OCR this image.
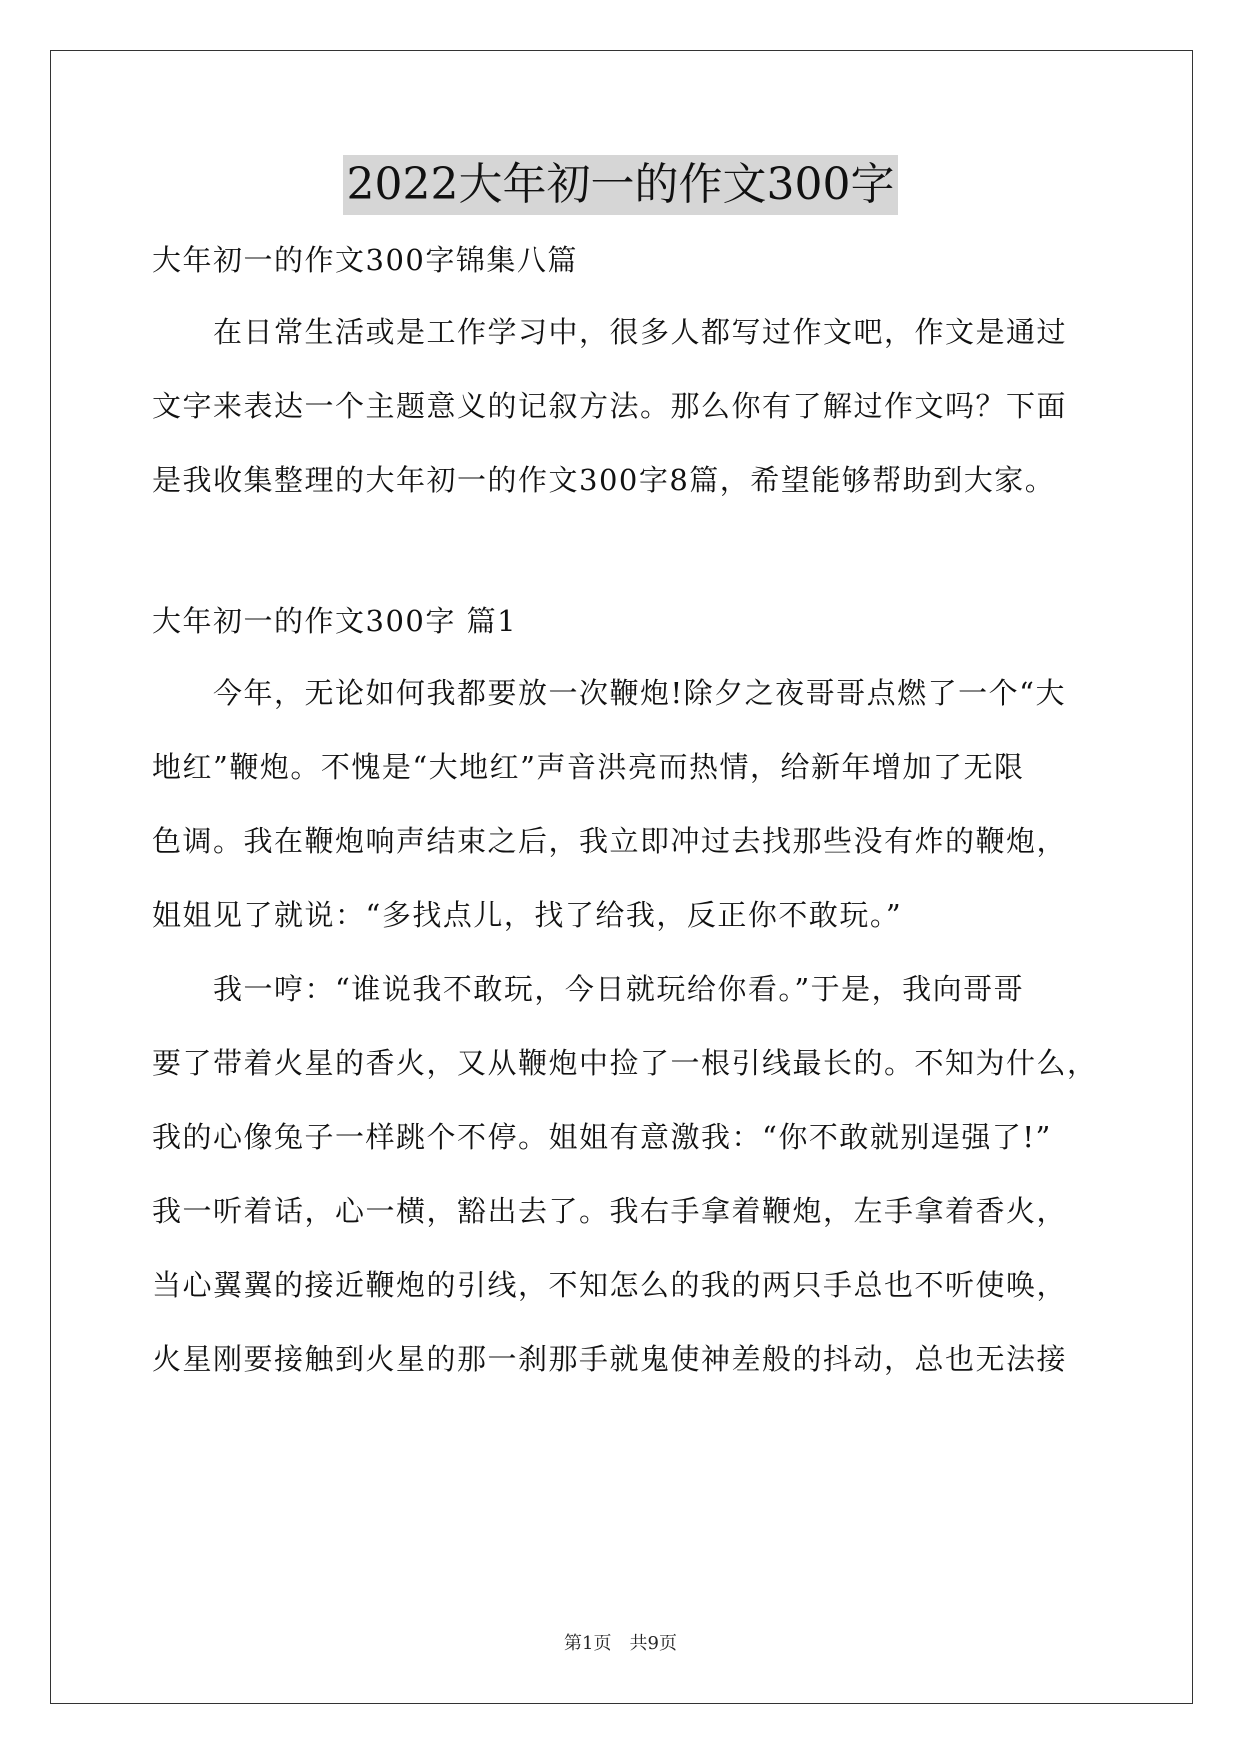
2022大年初一的作文300字
大年初一的作文300字锦集八篇
在日常生活或是工作学习中，很多人都写过作文吧，作文是通过
文字来表达一个主题意义的记叙方法。那么你有了解过作文吗？下面
是我收集整理的大年初一的作文300字8篇，希望能够帮助到大家。
大年初一的作文300字 篇1
今年，无论如何我都要放一次鞭炮!除夕之夜哥哥点燃了一个“大
地红”鞭炮。不愧是“大地红”声音洪亮而热情，给新年增加了无限
色调。我在鞭炮响声结束之后，我立即冲过去找那些没有炸的鞭炮，
姐姐见了就说：“多找点儿，找了给我，反正你不敢玩。”
我一哼：“谁说我不敢玩，今日就玩给你看。”于是，我向哥哥
要了带着火星的香火，又从鞭炮中捡了一根引线最长的。不知为什么，
我的心像兔子一样跳个不停。姐姐有意激我：“你不敢就别逞强了!”
我一听着话，心一横，豁出去了。我右手拿着鞭炮，左手拿着香火，
当心翼翼的接近鞭炮的引线，不知怎么的我的两只手总也不听使唤，
火星刚要接触到火星的那一刹那手就鬼使神差般的抖动，总也无法接
第1页　共9页
